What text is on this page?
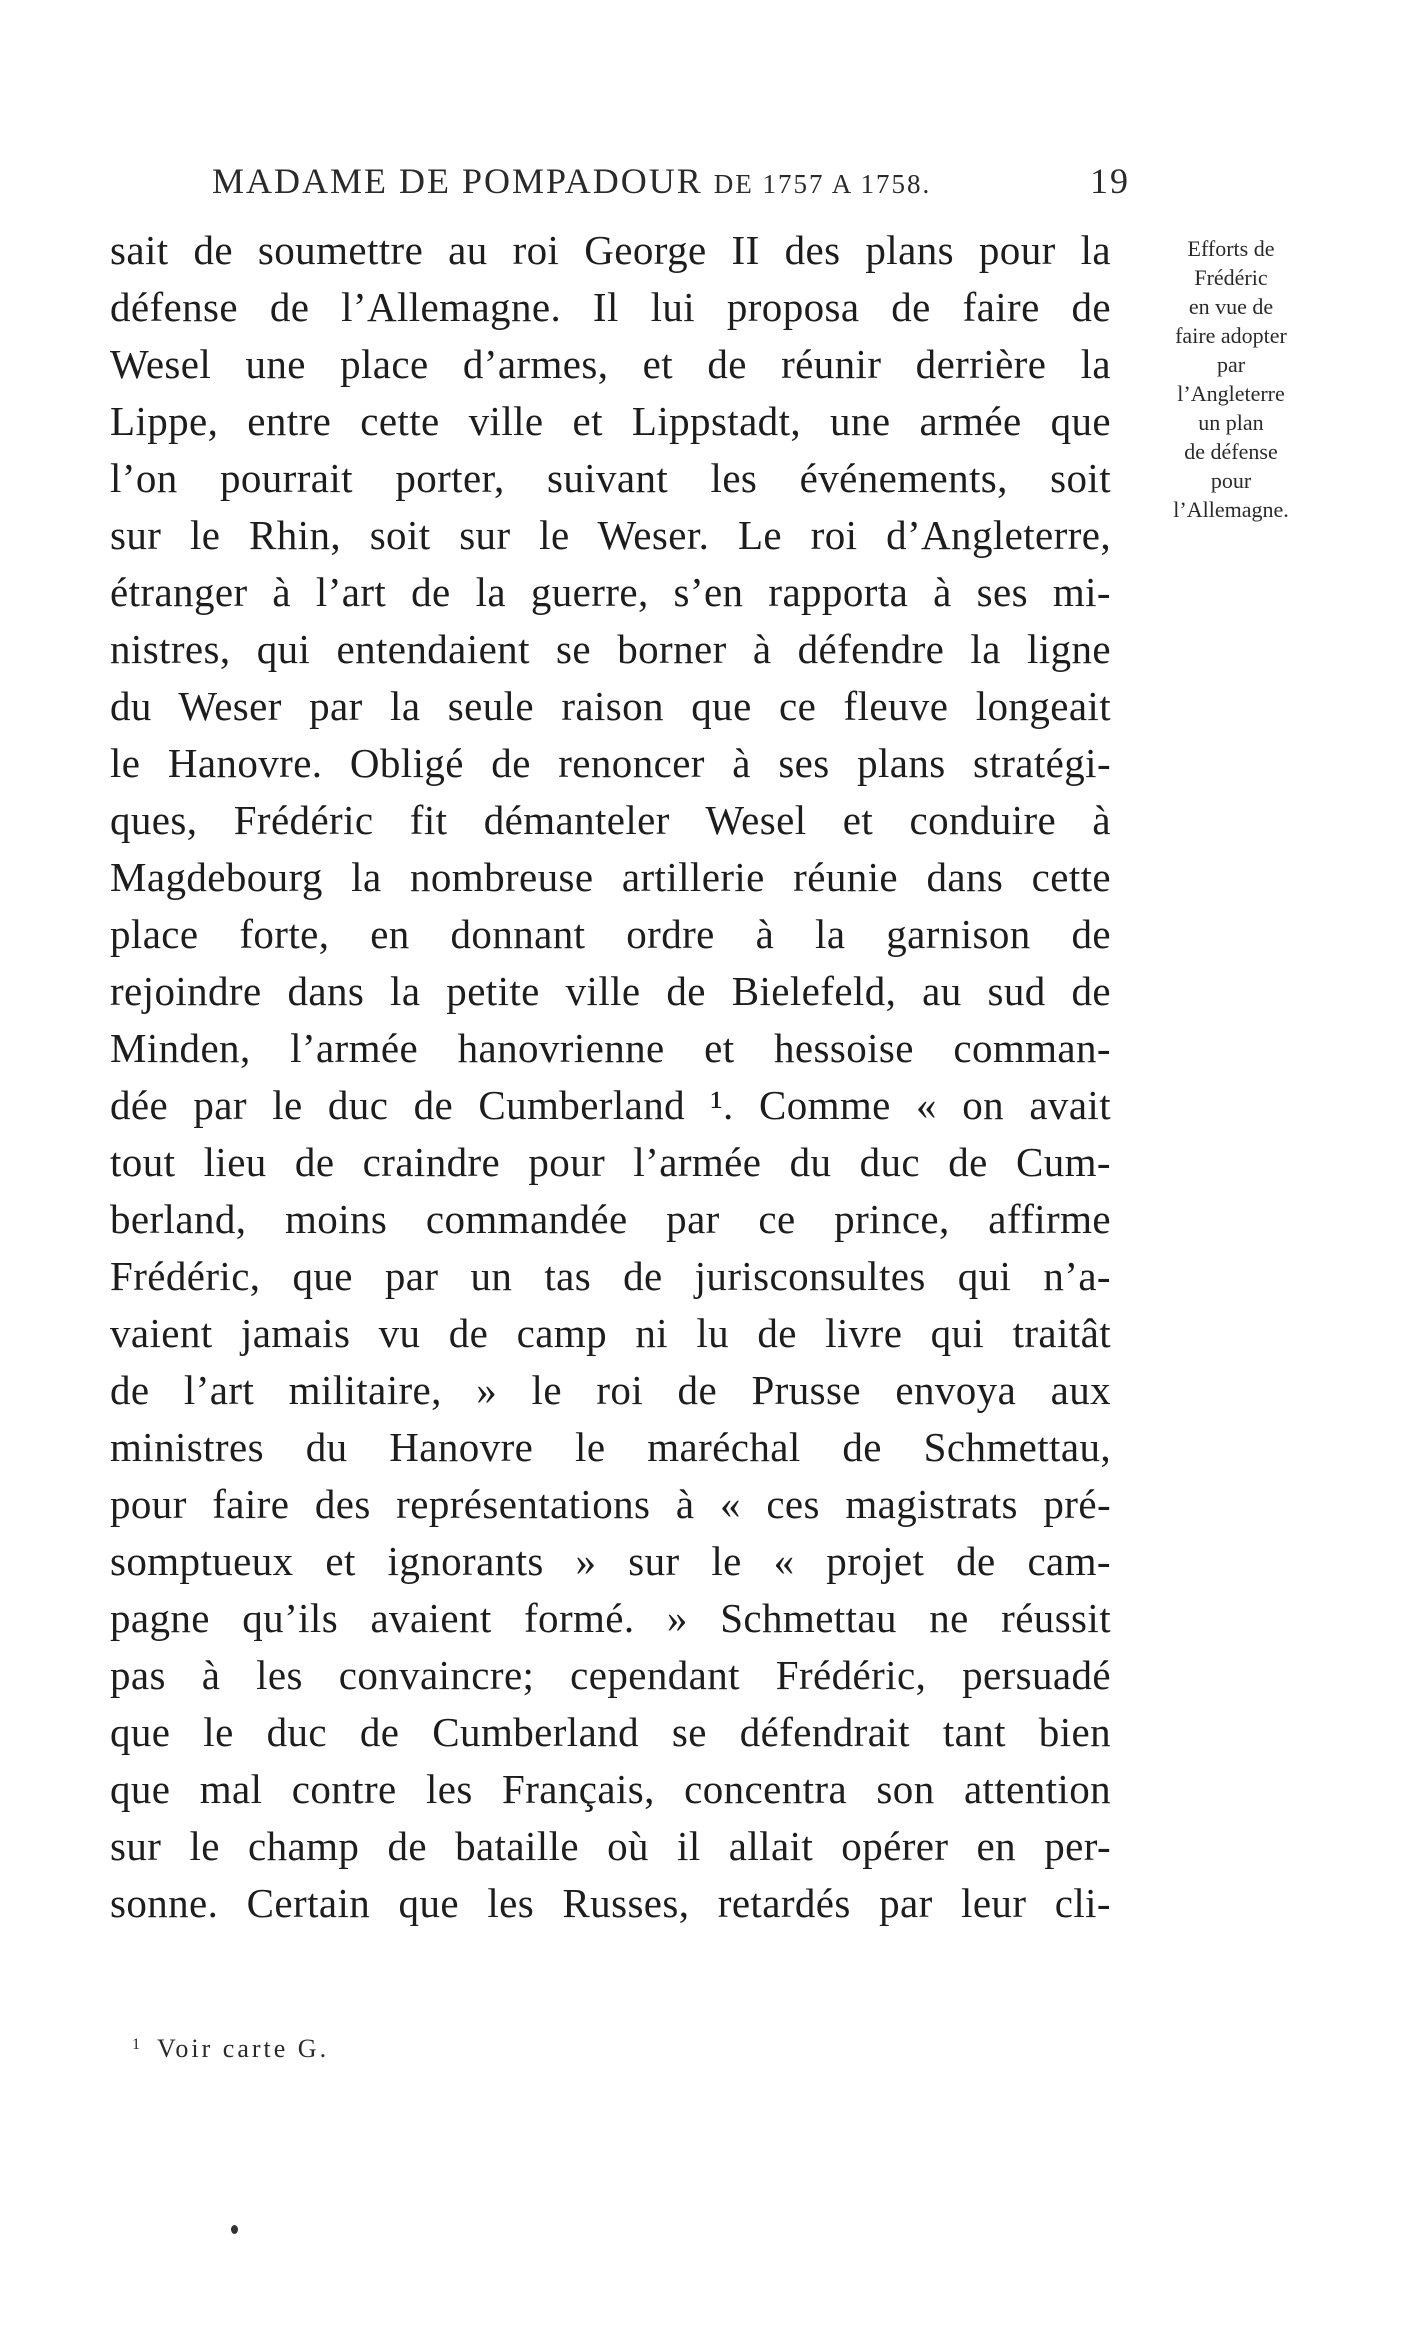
MADAME DE POMPADOUR DE 1757 A 1758.	19
sait de soumettre au roi George II des plans pour la
défense de l’Allemagne. Il lui proposa de faire de
Wesel une place d’armes, et de réunir derrière la
Lippe, entre cette ville et Lippstadt, une armée que
l’on pourrait porter, suivant les événements, soit
sur le Rhin, soit sur le Weser. Le roi d’Angleterre,
étranger à l’art de la guerre, s’en rapporta à ses mi-
nistres, qui entendaient se borner à défendre la ligne
du Weser par la seule raison que ce fleuve longeait
le Hanovre. Obligé de renoncer à ses plans stratégi-
ques, Frédéric fit démanteler Wesel et conduire à
Magdebourg la nombreuse artillerie réunie dans cette
place forte, en donnant ordre à la garnison de
rejoindre dans la petite ville de Bielefeld, au sud de
Minden, l’armée hanovrienne et hessoise comman-
dée par le duc de Cumberland ¹. Comme « on avait
tout lieu de craindre pour l’armée du duc de Cum-
berland, moins commandée par ce prince, affirme
Frédéric, que par un tas de jurisconsultes qui n’a-
vaient jamais vu de camp ni lu de livre qui traitât
de l’art militaire, » le roi de Prusse envoya aux
ministres du Hanovre le maréchal de Schmettau,
pour faire des représentations à « ces magistrats pré-
somptueux et ignorants » sur le « projet de cam-
pagne qu’ils avaient formé. » Schmettau ne réussit
pas à les convaincre; cependant Frédéric, persuadé
que le duc de Cumberland se défendrait tant bien
que mal contre les Français, concentra son attention
sur le champ de bataille où il allait opérer en per-
sonne. Certain que les Russes, retardés par leur cli-
Efforts de
Frédéric
en vue de
faire adopter
par
l’Angleterre
un plan
de défense
pour
l’Allemagne.
$^1$ Voir carte G.
